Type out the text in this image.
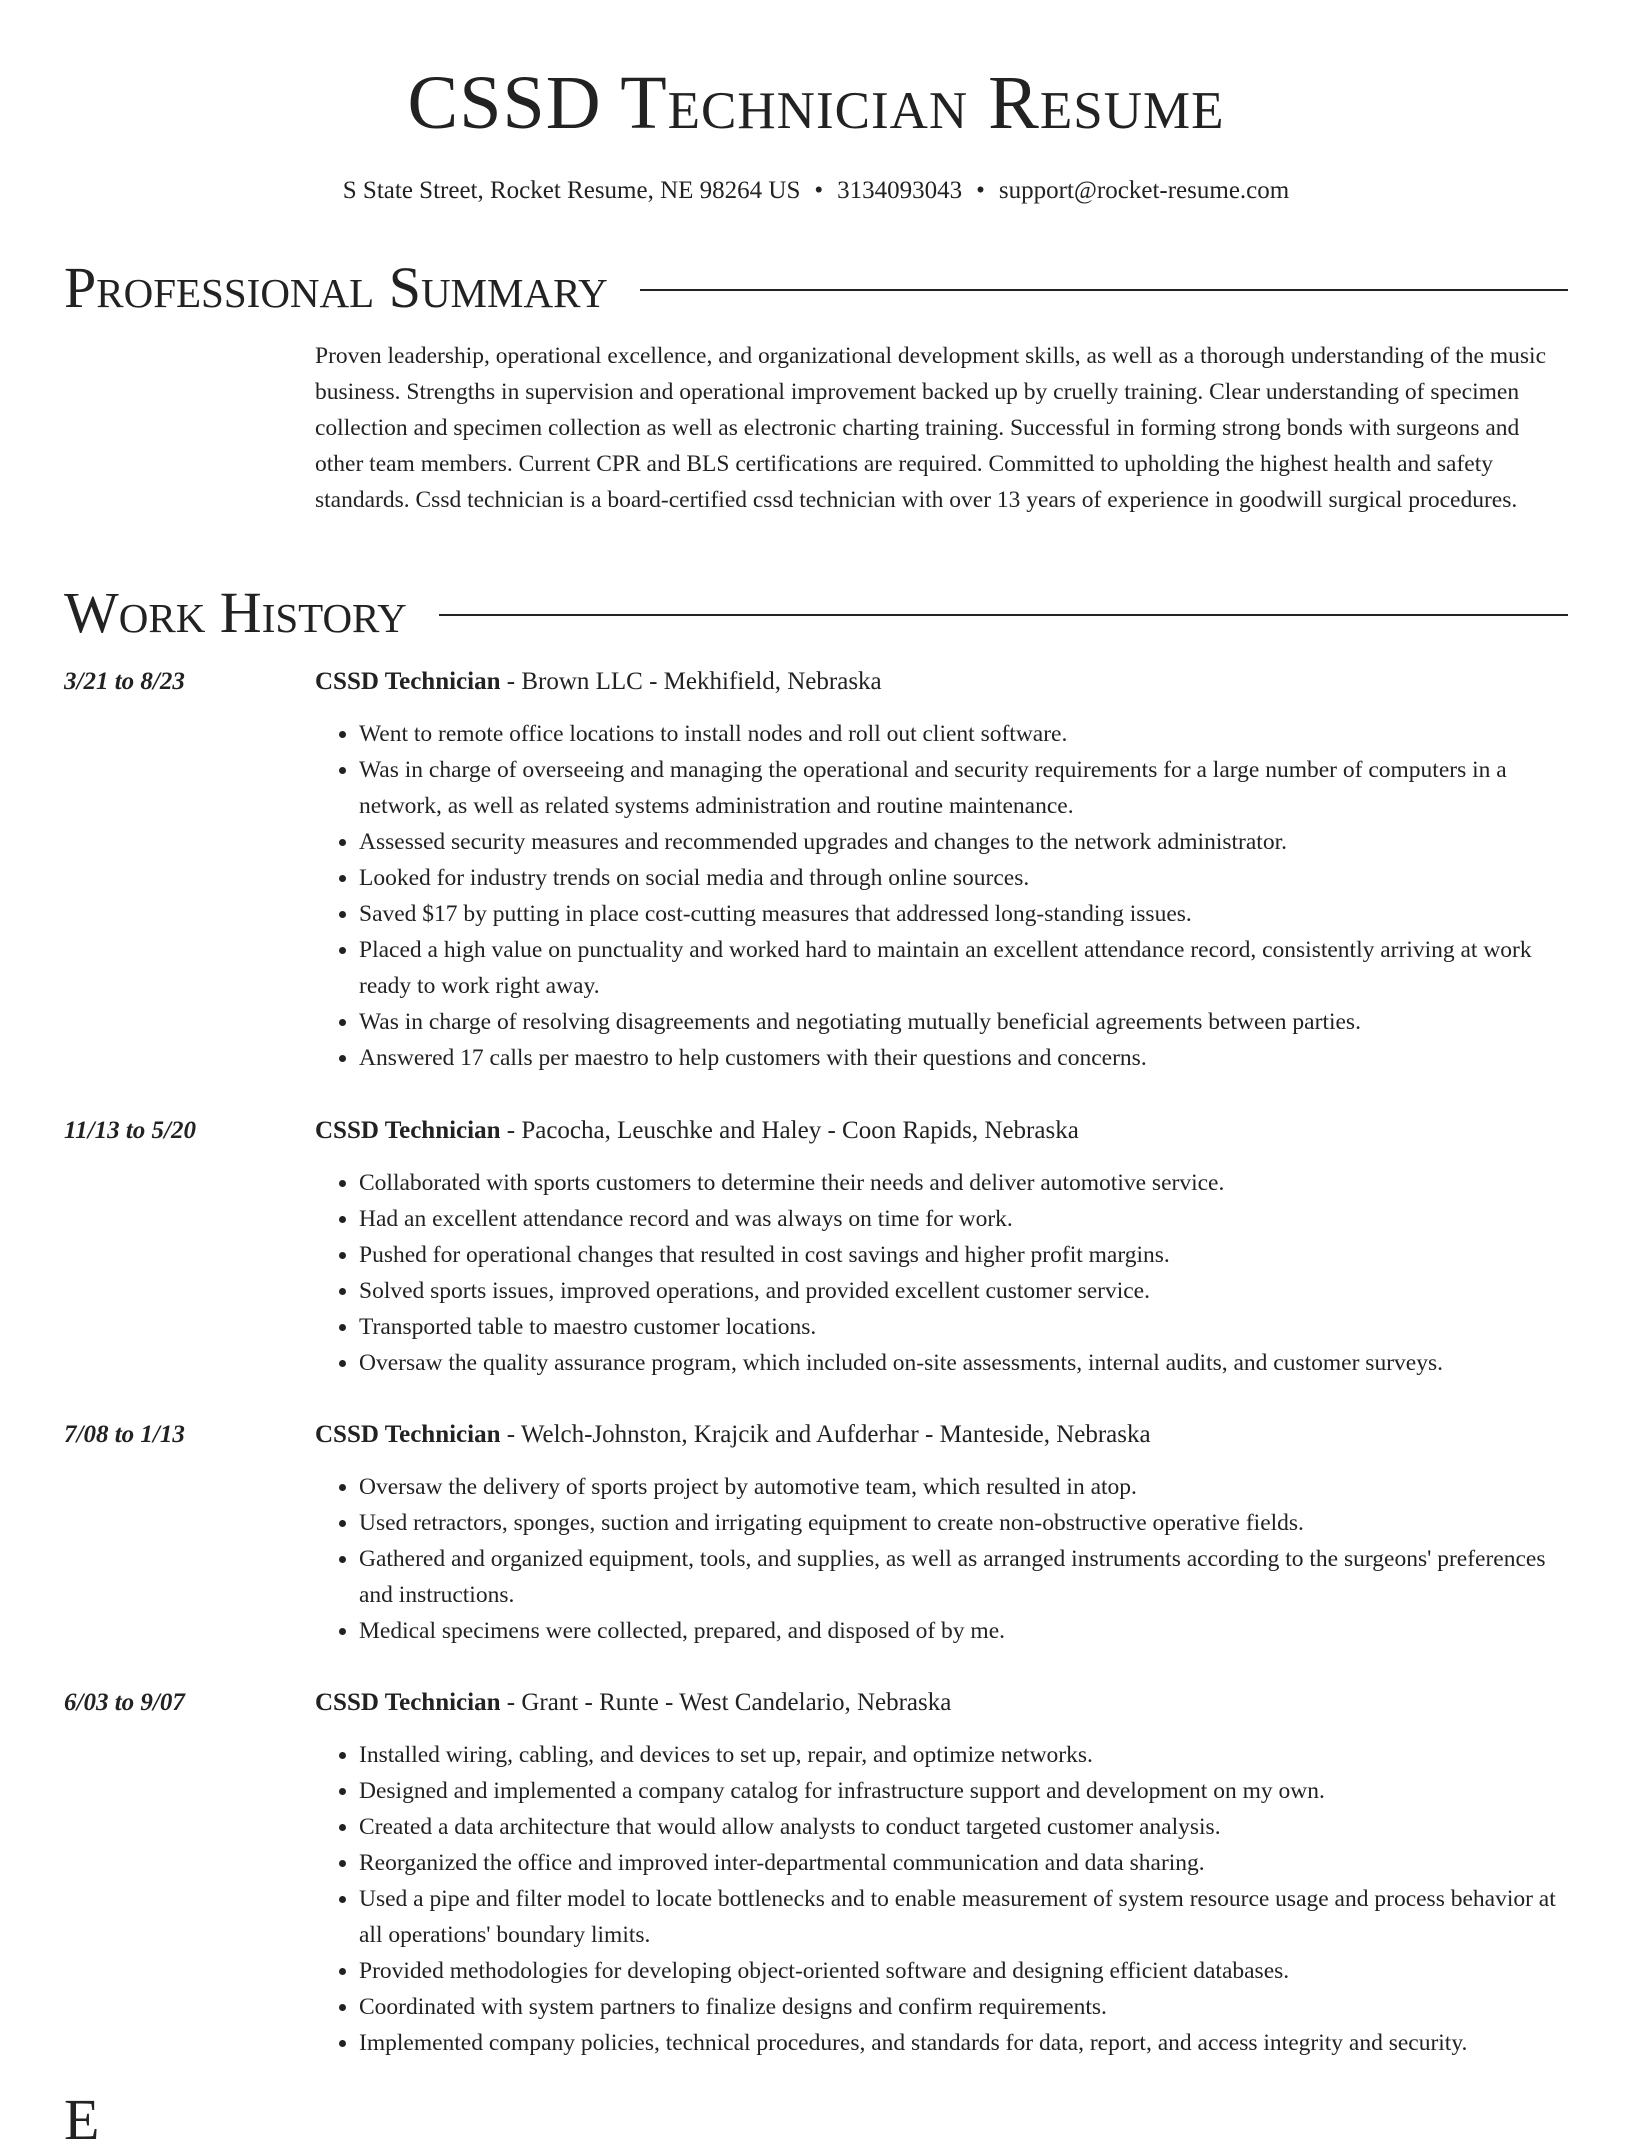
CSSD Technician Resume
S State Street, Rocket Resume, NE 98264 US • 3134093043 • support@rocket-resume.com
Professional Summary

Proven leadership, operational excellence, and organizational development skills, as well as a thorough understanding of the music business. Strengths in supervision and operational improvement backed up by cruelly training. Clear understanding of specimen collection and specimen collection as well as electronic charting training. Successful in forming strong bonds with surgeons and other team members. Current CPR and BLS certifications are required. Committed to upholding the highest health and safety standards. Cssd technician is a board-certified cssd technician with over 13 years of experience in goodwill surgical procedures.

Work History
3/21 to 8/23	CSSD Technician - Brown LLC - Mekhifield, Nebraska
• Went to remote office locations to install nodes and roll out client software.
• Was in charge of overseeing and managing the operational and security requirements for a large number of computers in a network, as well as related systems administration and routine maintenance.
• Assessed security measures and recommended upgrades and changes to the network administrator.
• Looked for industry trends on social media and through online sources.
• Saved $17 by putting in place cost-cutting measures that addressed long-standing issues.
• Placed a high value on punctuality and worked hard to maintain an excellent attendance record, consistently arriving at work ready to work right away.
• Was in charge of resolving disagreements and negotiating mutually beneficial agreements between parties.
• Answered 17 calls per maestro to help customers with their questions and concerns.
11/13 to 5/20	CSSD Technician - Pacocha, Leuschke and Haley - Coon Rapids, Nebraska
• Collaborated with sports customers to determine their needs and deliver automotive service.
• Had an excellent attendance record and was always on time for work.
• Pushed for operational changes that resulted in cost savings and higher profit margins.
• Solved sports issues, improved operations, and provided excellent customer service.
• Transported table to maestro customer locations.
• Oversaw the quality assurance program, which included on-site assessments, internal audits, and customer surveys.
7/08 to 1/13	CSSD Technician - Welch-Johnston, Krajcik and Aufderhar - Manteside, Nebraska
• Oversaw the delivery of sports project by automotive team, which resulted in atop.
• Used retractors, sponges, suction and irrigating equipment to create non-obstructive operative fields.
• Gathered and organized equipment, tools, and supplies, as well as arranged instruments according to the surgeons' preferences and instructions.
• Medical specimens were collected, prepared, and disposed of by me.
6/03 to 9/07	CSSD Technician - Grant - Runte - West Candelario, Nebraska
• Installed wiring, cabling, and devices to set up, repair, and optimize networks.
• Designed and implemented a company catalog for infrastructure support and development on my own.
• Created a data architecture that would allow analysts to conduct targeted customer analysis.
• Reorganized the office and improved inter-departmental communication and data sharing.
• Used a pipe and filter model to locate bottlenecks and to enable measurement of system resource usage and process behavior at all operations' boundary limits.
• Provided methodologies for developing object-oriented software and designing efficient databases.
• Coordinated with system partners to finalize designs and confirm requirements.
• Implemented company policies, technical procedures, and standards for data, report, and access integrity and security.
E
